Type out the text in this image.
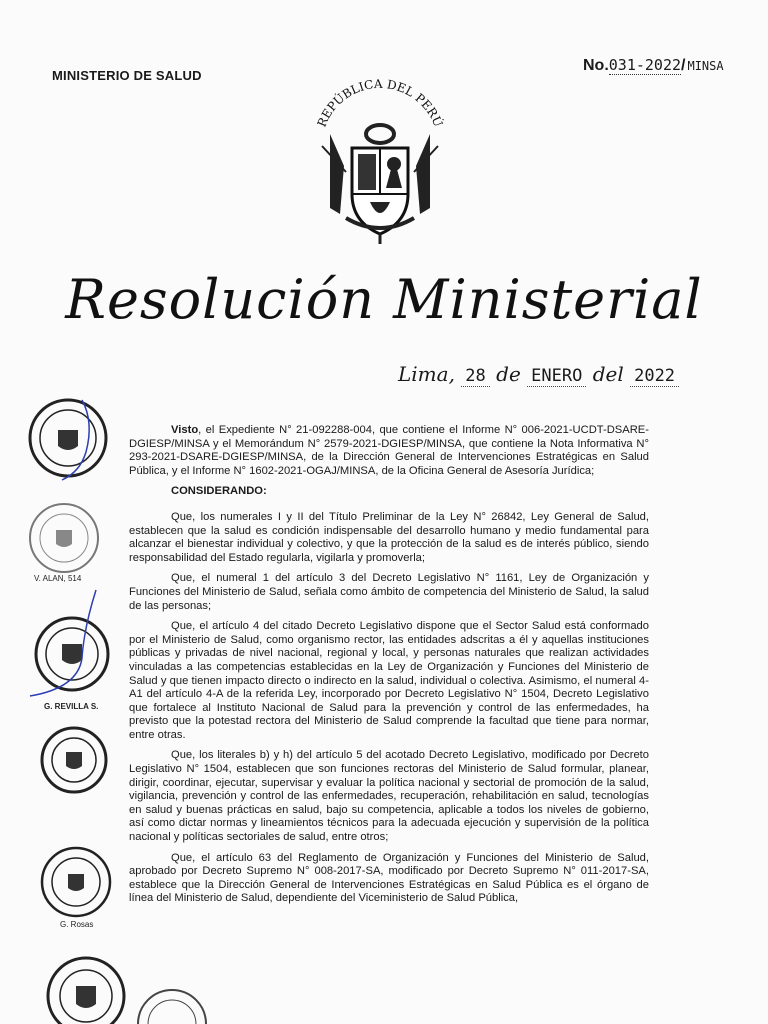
MINISTERIO DE SALUD
No.031-2022/ MINSA
REPÚBLICA DEL PERÚ
Resolución Ministerial
Lima, 28 de ENERO del 2022

Visto, el Expediente N° 21-092288-004, que contiene el Informe N° 006-2021-UCDT-DSARE-DGIESP/MINSA y el Memorándum N° 2579-2021-DGIESP/MINSA, que contiene la Nota Informativa N° 293-2021-DSARE-DGIESP/MINSA, de la Dirección General de Intervenciones Estratégicas en Salud Pública, y el Informe N° 1602-2021-OGAJ/MINSA, de la Oficina General de Asesoría Jurídica;

CONSIDERANDO:

Que, los numerales I y II del Título Preliminar de la Ley N° 26842, Ley General de Salud, establecen que la salud es condición indispensable del desarrollo humano y medio fundamental para alcanzar el bienestar individual y colectivo, y que la protección de la salud es de interés público, siendo responsabilidad del Estado regularla, vigilarla y promoverla;

Que, el numeral 1 del artículo 3 del Decreto Legislativo N° 1161, Ley de Organización y Funciones del Ministerio de Salud, señala como ámbito de competencia del Ministerio de Salud, la salud de las personas;

Que, el artículo 4 del citado Decreto Legislativo dispone que el Sector Salud está conformado por el Ministerio de Salud, como organismo rector, las entidades adscritas a él y aquellas instituciones públicas y privadas de nivel nacional, regional y local, y personas naturales que realizan actividades vinculadas a las competencias establecidas en la Ley de Organización y Funciones del Ministerio de Salud y que tienen impacto directo o indirecto en la salud, individual o colectiva. Asimismo, el numeral 4-A1 del artículo 4-A de la referida Ley, incorporado por Decreto Legislativo N° 1504, Decreto Legislativo que fortalece al Instituto Nacional de Salud para la prevención y control de las enfermedades, ha previsto que la potestad rectora del Ministerio de Salud comprende la facultad que tiene para normar, entre otras.

Que, los literales b) y h) del artículo 5 del acotado Decreto Legislativo, modificado por Decreto Legislativo N° 1504, establecen que son funciones rectoras del Ministerio de Salud formular, planear, dirigir, coordinar, ejecutar, supervisar y evaluar la política nacional y sectorial de promoción de la salud, vigilancia, prevención y control de las enfermedades, recuperación, rehabilitación en salud, tecnologías en salud y buenas prácticas en salud, bajo su competencia, aplicable a todos los niveles de gobierno, así como dictar normas y lineamientos técnicos para la adecuada ejecución y supervisión de la política nacional y políticas sectoriales de salud, entre otros;

Que, el artículo 63 del Reglamento de Organización y Funciones del Ministerio de Salud, aprobado por Decreto Supremo N° 008-2017-SA, modificado por Decreto Supremo N° 011-2017-SA, establece que la Dirección General de Intervenciones Estratégicas en Salud Pública es el órgano de línea del Ministerio de Salud, dependiente del Viceministerio de Salud Pública,

V. ALAN, 514
G. REVILLA S.
G. Rosas
